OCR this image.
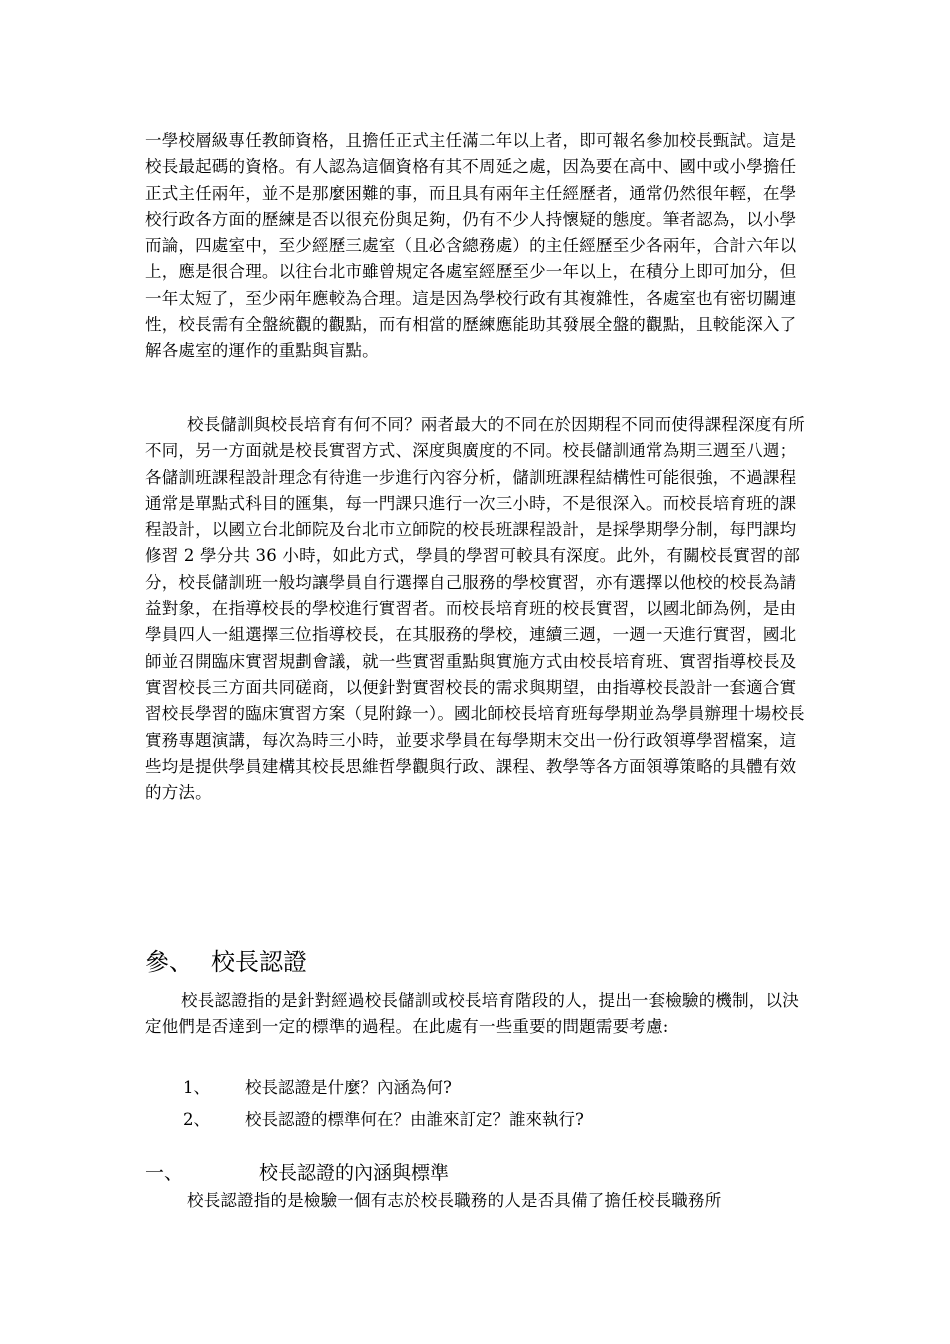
一學校層級專任教師資格，且擔任正式主任滿二年以上者，即可報名參加校長甄試。這是校長最起碼的資格。有人認為這個資格有其不周延之處，因為要在高中、國中或小學擔任正式主任兩年，並不是那麼困難的事，而且具有兩年主任經歷者，通常仍然很年輕，在學校行政各方面的歷練是否以很充份與足夠，仍有不少人持懷疑的態度。筆者認為，以小學而論，四處室中，至少經歷三處室（且必含總務處）的主任經歷至少各兩年，合計六年以上，應是很合理。以往台北市雖曾規定各處室經歷至少一年以上，在積分上即可加分，但一年太短了，至少兩年應較為合理。這是因為學校行政有其複雜性，各處室也有密切關連性，校長需有全盤統觀的觀點，而有相當的歷練應能助其發展全盤的觀點，且較能深入了解各處室的運作的重點與盲點。

校長儲訓與校長培育有何不同？兩者最大的不同在於因期程不同而使得課程深度有所不同，另一方面就是校長實習方式、深度與廣度的不同。校長儲訓通常為期三週至八週；各儲訓班課程設計理念有待進一步進行內容分析，儲訓班課程結構性可能很強，不過課程通常是單點式科目的匯集，每一門課只進行一次三小時，不是很深入。而校長培育班的課程設計，以國立台北師院及台北市立師院的校長班課程設計，是採學期學分制，每門課均修習 2 學分共 36 小時，如此方式，學員的學習可較具有深度。此外，有關校長實習的部分，校長儲訓班一般均讓學員自行選擇自己服務的學校實習，亦有選擇以他校的校長為請益對象，在指導校長的學校進行實習者。而校長培育班的校長實習，以國北師為例，是由學員四人一組選擇三位指導校長，在其服務的學校，連續三週，一週一天進行實習，國北師並召開臨床實習規劃會議，就一些實習重點與實施方式由校長培育班、實習指導校長及實習校長三方面共同磋商，以便針對實習校長的需求與期望，由指導校長設計一套適合實習校長學習的臨床實習方案（見附錄一）。國北師校長培育班每學期並為學員辦理十場校長實務專題演講，每次為時三小時，並要求學員在每學期末交出一份行政領導學習檔案，這些均是提供學員建構其校長思維哲學觀與行政、課程、教學等各方面領導策略的具體有效的方法。

參、 校長認證

校長認證指的是針對經過校長儲訓或校長培育階段的人，提出一套檢驗的機制，以決定他們是否達到一定的標準的過程。在此處有一些重要的問題需要考慮:

1、 校長認證是什麼？內涵為何?
2、 校長認證的標準何在？由誰來訂定？誰來執行?
一、	校長認證的內涵與標準

校長認證指的是檢驗一個有志於校長職務的人是否具備了擔任校長職務所
